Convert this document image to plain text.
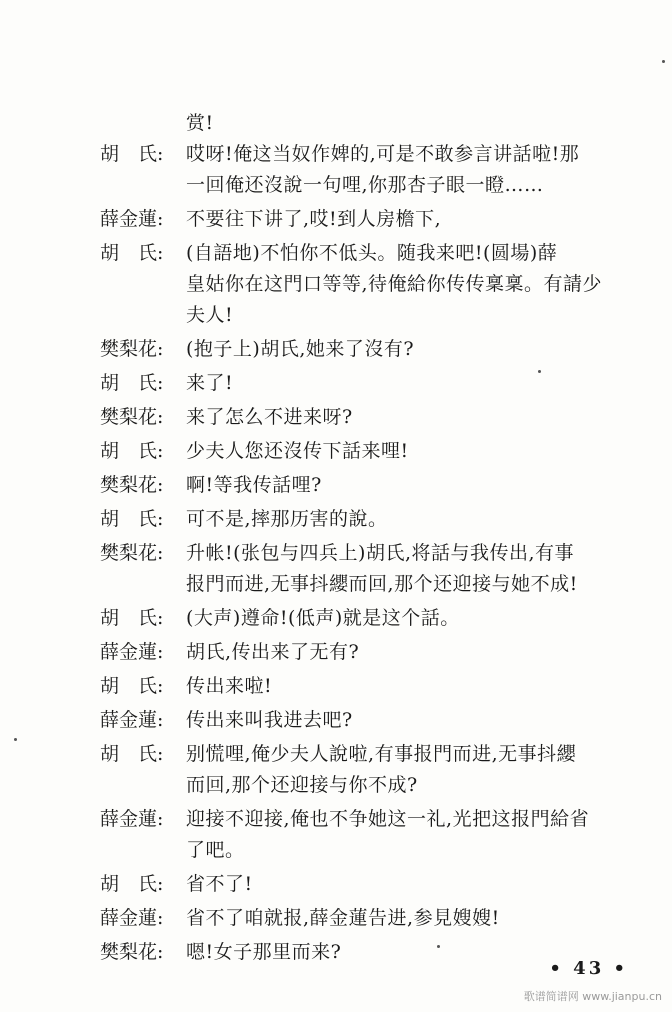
赏!
胡　氏:	哎呀!俺这当奴作婢的,可是不敢参言讲話啦!那
一回俺还沒說一句哩,你那杏子眼一瞪……
薛金蓮:	不要往下讲了,哎!到人房檐下,
胡　氏:	(自語地)不怕你不低头。随我来吧!(圆場)薛
皇姑你在这門口等等,待俺給你传传稟稟。有請少
夫人!
樊梨花:	(抱子上)胡氏,她来了沒有?
胡　氏:	来了!
樊梨花:	来了怎么不进来呀?
胡　氏:	少夫人您还沒传下話来哩!
樊梨花:	啊!等我传話哩?
胡　氏:	可不是,摔那历害的說。
樊梨花:	升帐!(张包与四兵上)胡氏,将話与我传出,有事
报門而进,无事抖纓而回,那个还迎接与她不成!
胡　氏:	(大声)遵命!(低声)就是这个話。
薛金蓮:	胡氏,传出来了无有?
胡　氏:	传出来啦!
薛金蓮:	传出来叫我进去吧?
胡　氏:	别慌哩,俺少夫人說啦,有事报門而进,无事抖纓
而回,那个还迎接与你不成?
薛金蓮:	迎接不迎接,俺也不争她这一礼,光把这报門給省
了吧。
胡　氏:	省不了!
薛金蓮:	省不了咱就报,薛金蓮告进,参見嫂嫂!
樊梨花:	嗯!女子那里而来?
• 43 •
歌谱简谱网 www.jianpu.cn
